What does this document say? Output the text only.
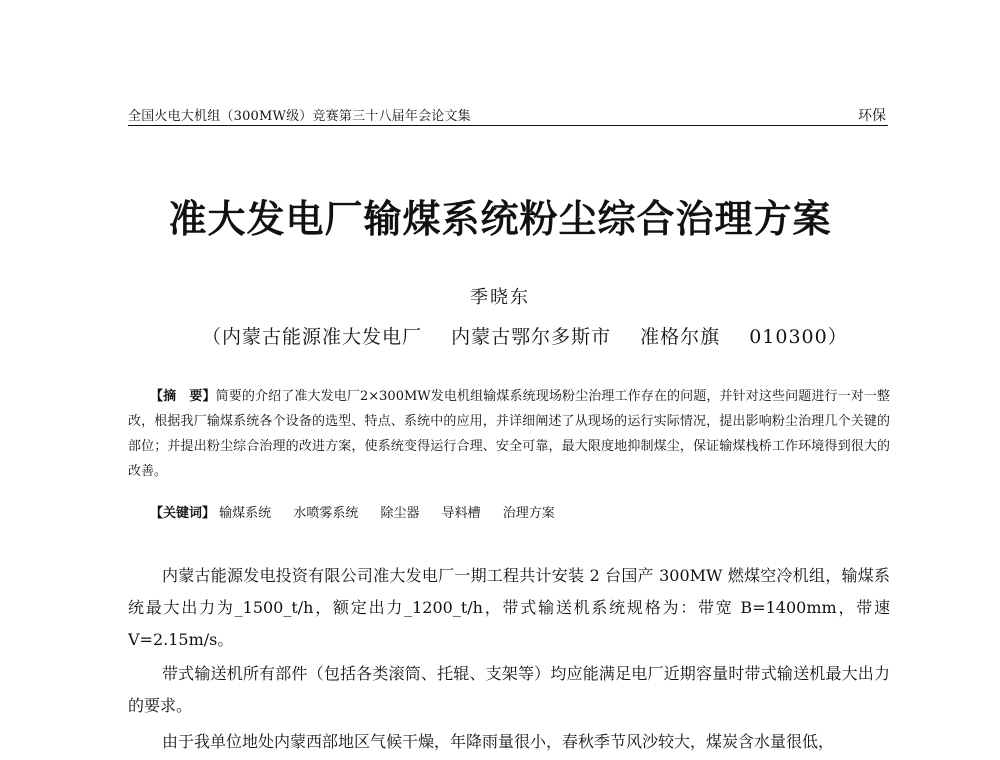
全国火电大机组（300MW级）竞赛第三十八届年会论文集	环保
准大发电厂输煤系统粉尘综合治理方案
季晓东
（内蒙古能源准大发电厂 内蒙古鄂尔多斯市 准格尔旗 010300）
【摘　要】简要的介绍了准大发电厂2×300MW发电机组输煤系统现场粉尘治理工作存在的问题，并针对这些问题进行一对一整改，根据我厂输煤系统各个设备的选型、特点、系统中的应用，并详细阐述了从现场的运行实际情况，提出影响粉尘治理几个关键的部位；并提出粉尘综合治理的改进方案，使系统变得运行合理、安全可靠，最大限度地抑制煤尘，保证输煤栈桥工作环境得到很大的改善。
【关键词】 输煤系统 水喷雾系统 除尘器 导料槽 治理方案

内蒙古能源发电投资有限公司准大发电厂一期工程共计安装 2 台国产 300MW 燃煤空冷机组，输煤系统最大出力为_1500_t/h，额定出力_1200_t/h，带式输送机系统规格为：带宽 B=1400mm，带速 V=2.15m/s。

带式输送机所有部件（包括各类滚筒、托辊、支架等）均应能满足电厂近期容量时带式输送机最大出力的要求。

由于我单位地处内蒙西部地区气候干燥，年降雨量很小，春秋季节风沙较大，煤炭含水量很低，
